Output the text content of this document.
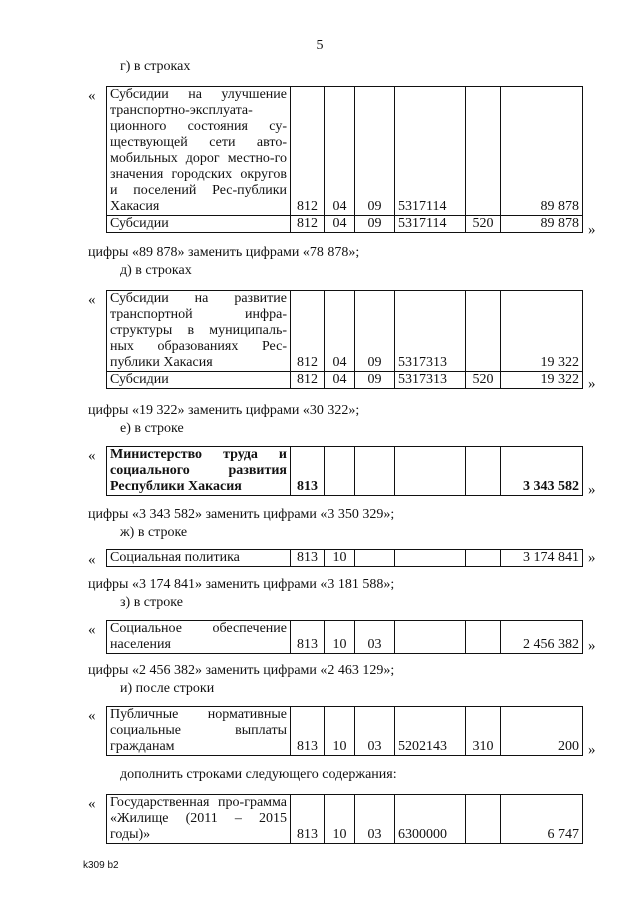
5
г) в строках
« Субсидии на улучшение транспортно-эксплуата-ционного состояния су-ществующей сети авто-мобильных дорог местно-го значения городских округов и поселений Рес-публики Хакасия	812	04	09	5317114		89 878
Субсидии	812	04	09	5317114	520	89 878 »
цифры «89 878» заменить цифрами «78 878»;
д) в строках
« Субсидии на развитие транспортной инфра-структуры в муниципаль-ных образованиях Рес-публики Хакасия	812	04	09	5317313		19 322
Субсидии	812	04	09	5317313	520	19 322 »
цифры «19 322» заменить цифрами «30 322»;
е) в строке
« Министерство труда и социального развития Республики Хакасия	813					3 343 582 »
цифры «3 343 582» заменить цифрами «3 350 329»;
ж) в строке
« Социальная политика	813	10				3 174 841 »
цифры «3 174 841» заменить цифрами «3 181 588»;
з) в строке
« Социальное обеспечение населения	813	10	03			2 456 382 »
цифры «2 456 382» заменить цифрами «2 463 129»;
и) после строки
« Публичные нормативные социальные выплаты гражданам	813	10	03	5202143	310	200 »
дополнить строками следующего содержания:
« Государственная про-грамма «Жилище (2011 – 2015 годы)»	813	10	03	6300000		6 747
k309 b2
